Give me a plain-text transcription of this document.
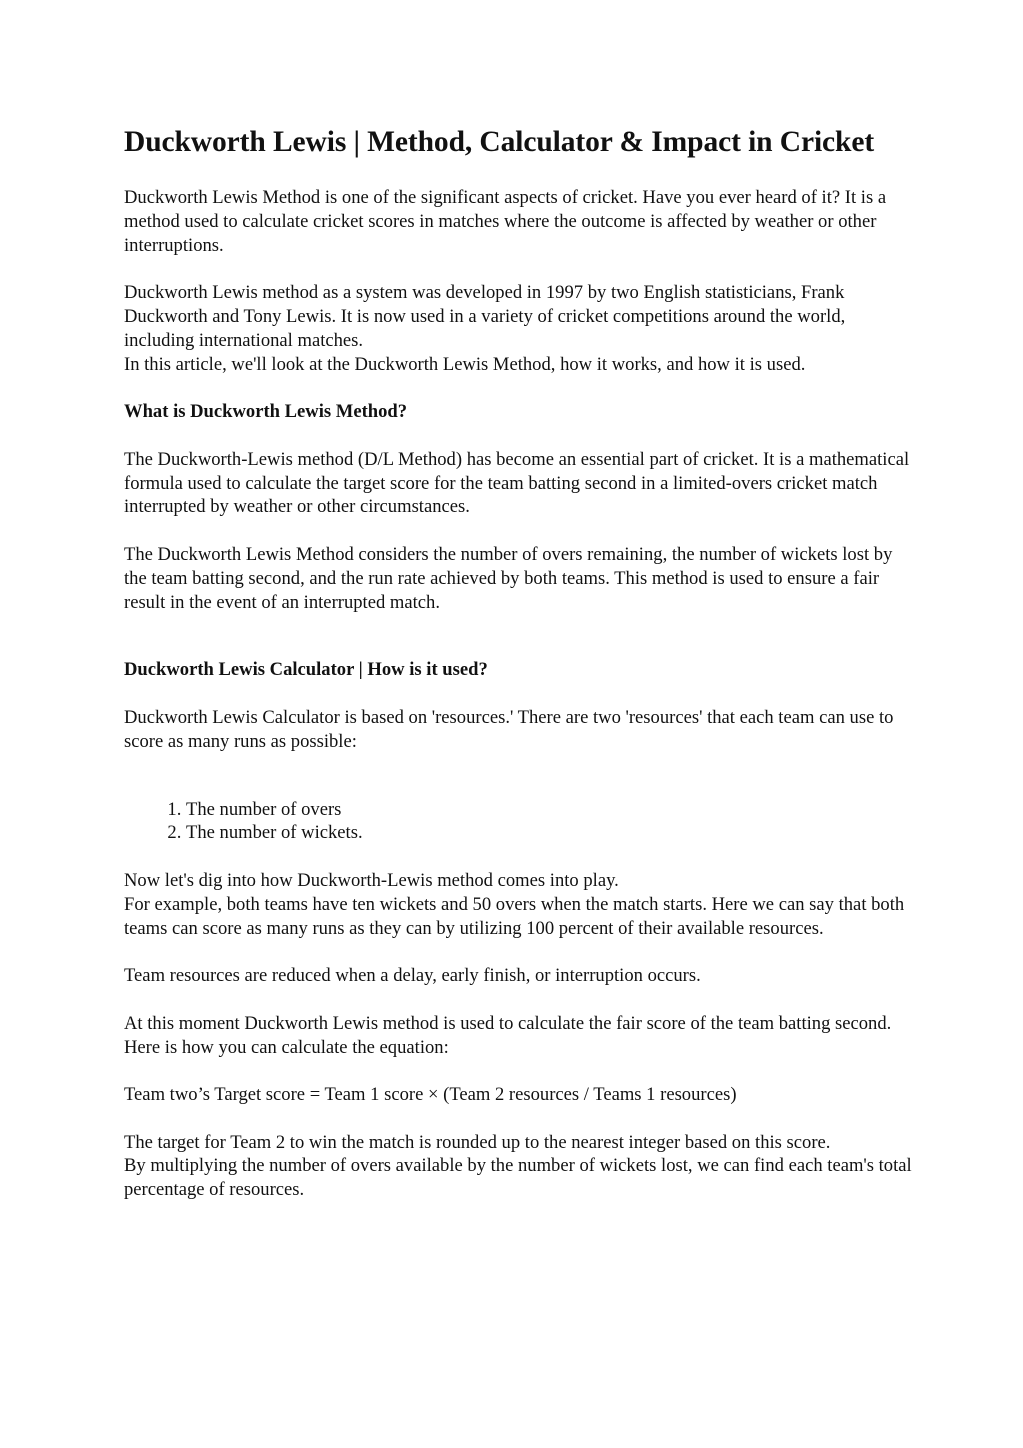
Duckworth Lewis | Method, Calculator & Impact in Cricket

Duckworth Lewis Method is one of the significant aspects of cricket. Have you ever heard of it? It is a method used to calculate cricket scores in matches where the outcome is affected by weather or other interruptions.

Duckworth Lewis method as a system was developed in 1997 by two English statisticians, Frank Duckworth and Tony Lewis. It is now used in a variety of cricket competitions around the world, including international matches.

In this article, we'll look at the Duckworth Lewis Method, how it works, and how it is used.

What is Duckworth Lewis Method?

The Duckworth-Lewis method (D/L Method) has become an essential part of cricket. It is a mathematical formula used to calculate the target score for the team batting second in a limited-overs cricket match interrupted by weather or other circumstances.

The Duckworth Lewis Method considers the number of overs remaining, the number of wickets lost by the team batting second, and the run rate achieved by both teams. This method is used to ensure a fair result in the event of an interrupted match.

Duckworth Lewis Calculator | How is it used?

Duckworth Lewis Calculator is based on 'resources.' There are two 'resources' that each team can use to score as many runs as possible:

1. The number of overs
2. The number of wickets.

Now let's dig into how Duckworth-Lewis method comes into play.

For example, both teams have ten wickets and 50 overs when the match starts. Here we can say that both teams can score as many runs as they can by utilizing 100 percent of their available resources.

Team resources are reduced when a delay, early finish, or interruption occurs.

At this moment Duckworth Lewis method is used to calculate the fair score of the team batting second.

Here is how you can calculate the equation:

Team two’s Target score = Team 1 score × (Team 2 resources / Teams 1 resources)

The target for Team 2 to win the match is rounded up to the nearest integer based on this score.

By multiplying the number of overs available by the number of wickets lost, we can find each team's total percentage of resources.
